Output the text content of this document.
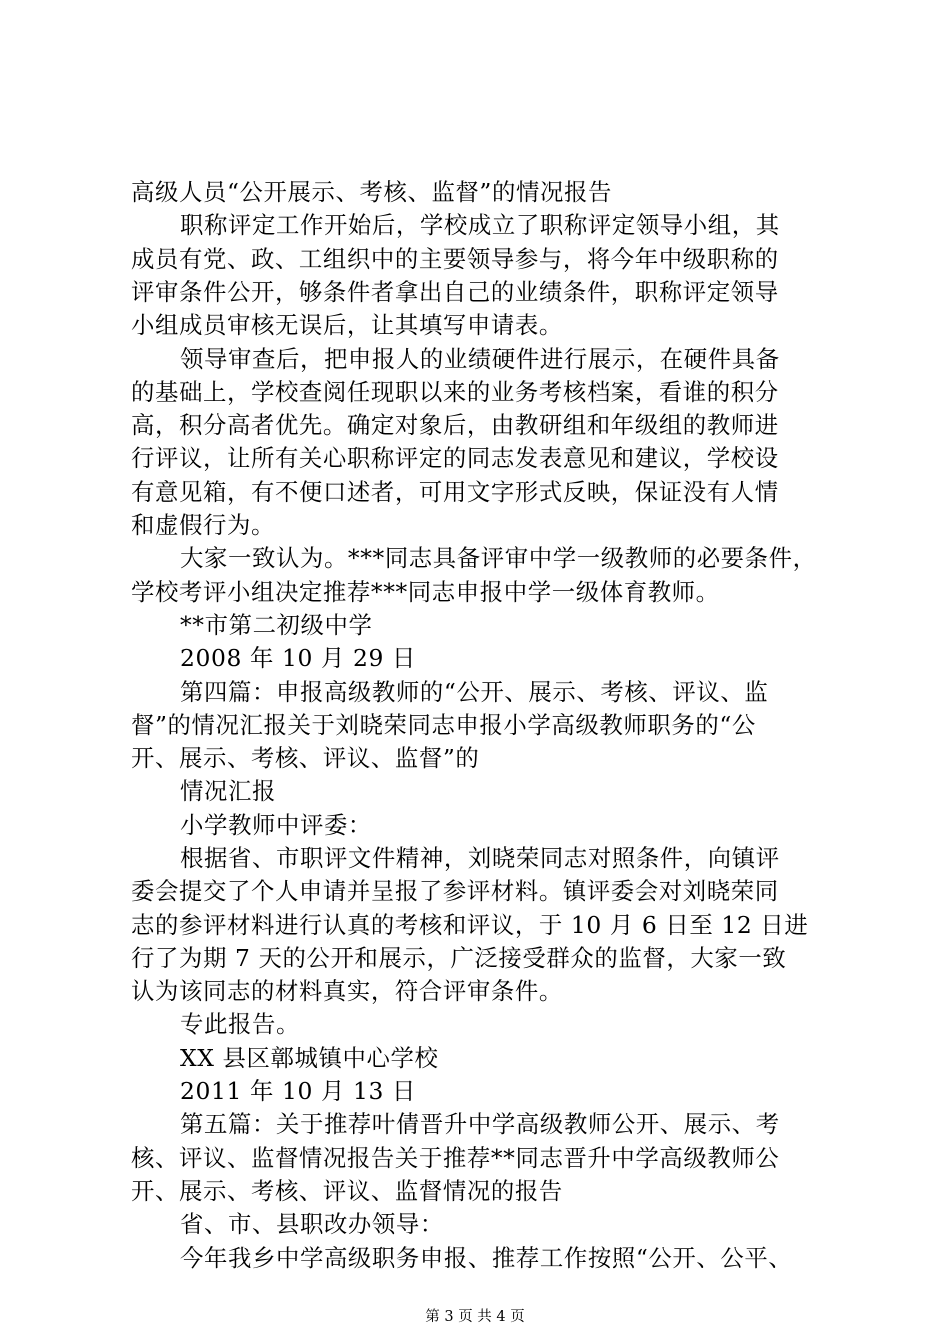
高级人员“公开展示、考核、监督”的情况报告
职称评定工作开始后，学校成立了职称评定领导小组，其
成员有党、政、工组织中的主要领导参与，将今年中级职称的
评审条件公开，够条件者拿出自己的业绩条件，职称评定领导
小组成员审核无误后，让其填写申请表。
领导审查后，把申报人的业绩硬件进行展示，在硬件具备
的基础上，学校查阅任现职以来的业务考核档案，看谁的积分
高，积分高者优先。确定对象后，由教研组和年级组的教师进
行评议，让所有关心职称评定的同志发表意见和建议，学校设
有意见箱，有不便口述者，可用文字形式反映，保证没有人情
和虚假行为。
大家一致认为。***同志具备评审中学一级教师的必要条件，
学校考评小组决定推荐***同志申报中学一级体育教师。
**市第二初级中学
2008 年 10 月 29 日
第四篇：申报高级教师的“公开、展示、考核、评议、监
督”的情况汇报关于刘晓荣同志申报小学高级教师职务的“公
开、展示、考核、评议、监督”的
情况汇报
小学教师中评委：
根据省、市职评文件精神，刘晓荣同志对照条件，向镇评
委会提交了个人申请并呈报了参评材料。镇评委会对刘晓荣同
志的参评材料进行认真的考核和评议，于 10 月 6 日至 12 日进
行了为期 7 天的公开和展示，广泛接受群众的监督，大家一致
认为该同志的材料真实，符合评审条件。
专此报告。
XX 县区鄣城镇中心学校
2011 年 10 月 13 日
第五篇：关于推荐叶倩晋升中学高级教师公开、展示、考
核、评议、监督情况报告关于推荐**同志晋升中学高级教师公
开、展示、考核、评议、监督情况的报告
省、市、县职改办领导：
今年我乡中学高级职务申报、推荐工作按照“公开、公平、
第 3 页 共 4 页
